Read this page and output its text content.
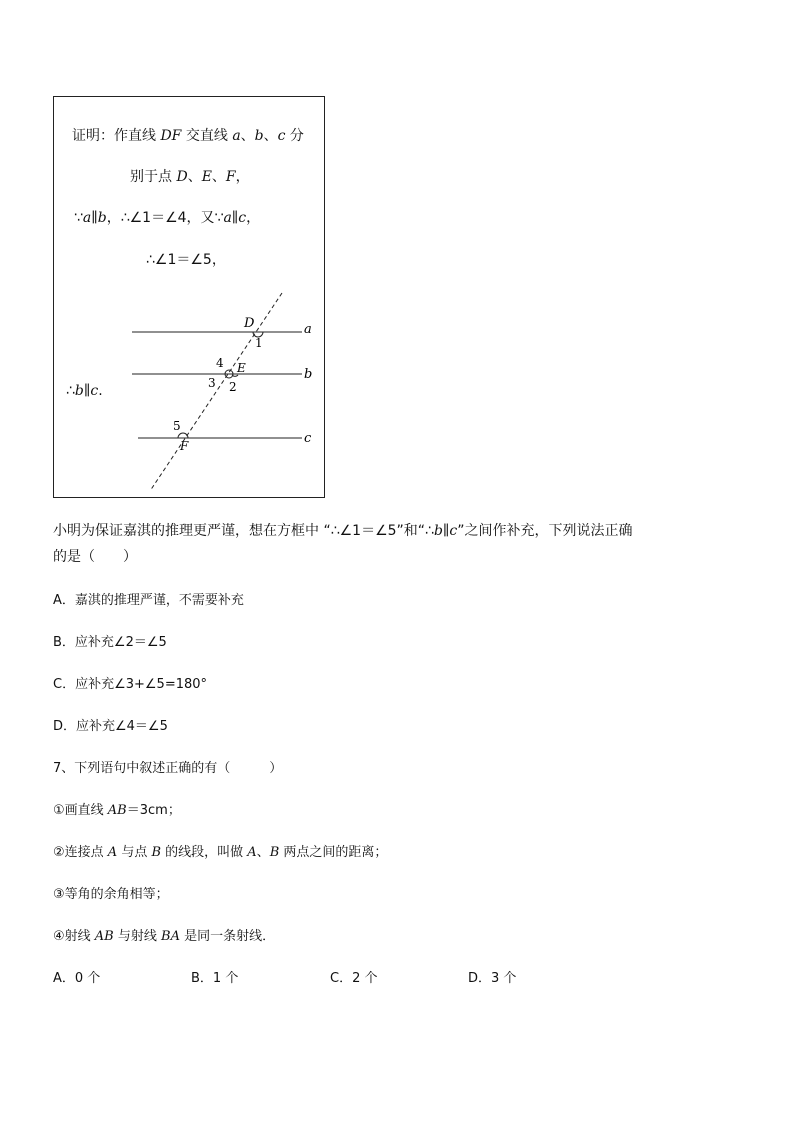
证明：作直线 DF 交直线 a、b、c 分
别于点 D、E、F，
∵a∥b，∴∠1＝∠4，又∵a∥c，
∴∠1＝∠5，
∴b∥c.
a
b
c
D
E
F
1
2
3
4
5
小明为保证嘉淇的推理更严谨，想在方框中 “∴∠1＝∠5”和“∴b∥c”之间作补充，下列说法正确
的是（　　）
A．嘉淇的推理严谨，不需要补充
B．应补充∠2＝∠5
C．应补充∠3+∠5=180°
D．应补充∠4＝∠5
7、下列语句中叙述正确的有（　　　）
①画直线 AB＝3cm；
②连接点 A 与点 B 的线段，叫做 A、B 两点之间的距离；
③等角的余角相等；
④射线 AB 与射线 BA 是同一条射线．
A．0 个	B．1 个	C．2 个	D．3 个
